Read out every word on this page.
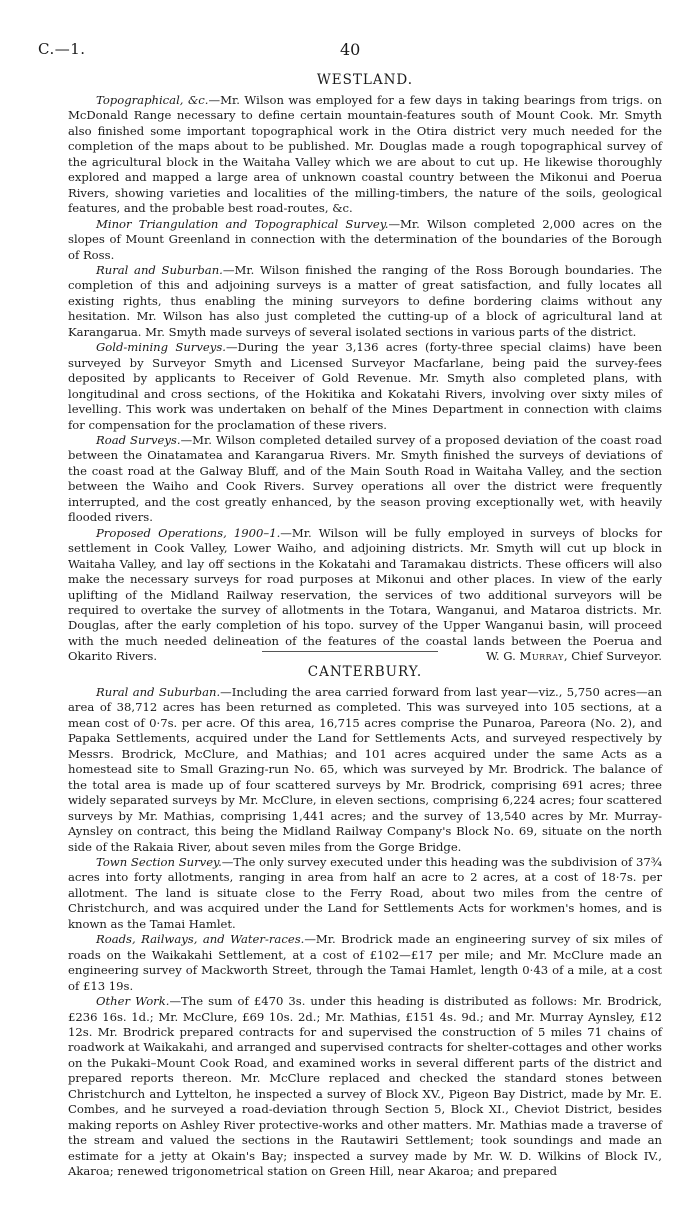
C.—1.	40
WESTLAND.

Topographical, &c.—Mr. Wilson was employed for a few days in taking bearings from trigs. on McDonald Range necessary to define certain mountain-features south of Mount Cook. Mr. Smyth also finished some important topographical work in the Otira district very much needed for the completion of the maps about to be published. Mr. Douglas made a rough topographical survey of the agricultural block in the Waitaha Valley which we are about to cut up. He likewise thoroughly explored and mapped a large area of unknown coastal country between the Mikonui and Poerua Rivers, showing varieties and localities of the milling-timbers, the nature of the soils, geological features, and the probable best road-routes, &c.

Minor Triangulation and Topographical Survey.—Mr. Wilson completed 2,000 acres on the slopes of Mount Greenland in connection with the determination of the boundaries of the Borough of Ross.

Rural and Suburban.—Mr. Wilson finished the ranging of the Ross Borough boundaries. The completion of this and adjoining surveys is a matter of great satisfaction, and fully locates all existing rights, thus enabling the mining surveyors to define bordering claims without any hesitation. Mr. Wilson has also just completed the cutting-up of a block of agricultural land at Karangarua. Mr. Smyth made surveys of several isolated sections in various parts of the district.

Gold-mining Surveys.—During the year 3,136 acres (forty-three special claims) have been surveyed by Surveyor Smyth and Licensed Surveyor Macfarlane, being paid the survey-fees deposited by applicants to Receiver of Gold Revenue. Mr. Smyth also completed plans, with longitudinal and cross sections, of the Hokitika and Kokatahi Rivers, involving over sixty miles of levelling. This work was undertaken on behalf of the Mines Department in connection with claims for compensation for the proclamation of these rivers.

Road Surveys.—Mr. Wilson completed detailed survey of a proposed deviation of the coast road between the Oinatamatea and Karangarua Rivers. Mr. Smyth finished the surveys of deviations of the coast road at the Galway Bluff, and of the Main South Road in Waitaha Valley, and the section between the Waiho and Cook Rivers. Survey operations all over the district were frequently interrupted, and the cost greatly enhanced, by the season proving exceptionally wet, with heavily flooded rivers.

Proposed Operations, 1900–1.—Mr. Wilson will be fully employed in surveys of blocks for settlement in Cook Valley, Lower Waiho, and adjoining districts. Mr. Smyth will cut up block in Waitaha Valley, and lay off sections in the Kokatahi and Taramakau districts. These officers will also make the necessary surveys for road purposes at Mikonui and other places. In view of the early uplifting of the Midland Railway reservation, the services of two additional surveyors will be required to overtake the survey of allotments in the Totara, Wanganui, and Mataroa districts. Mr. Douglas, after the early completion of his topo. survey of the Upper Wanganui basin, will proceed with the much needed delineation of the features of the coastal lands between the Poerua and Okarito Rivers.	W. G. Murray, Chief Surveyor.

CANTERBURY.

Rural and Suburban.—Including the area carried forward from last year—viz., 5,750 acres—an area of 38,712 acres has been returned as completed. This was surveyed into 105 sections, at a mean cost of 0·7s. per acre. Of this area, 16,715 acres comprise the Punaroa, Pareora (No. 2), and Papaka Settlements, acquired under the Land for Settlements Acts, and surveyed respectively by Messrs. Brodrick, McClure, and Mathias; and 101 acres acquired under the same Acts as a homestead site to Small Grazing-run No. 65, which was surveyed by Mr. Brodrick. The balance of the total area is made up of four scattered surveys by Mr. Brodrick, comprising 691 acres; three widely separated surveys by Mr. McClure, in eleven sections, comprising 6,224 acres; four scattered surveys by Mr. Mathias, comprising 1,441 acres; and the survey of 13,540 acres by Mr. Murray-Aynsley on contract, this being the Midland Railway Company's Block No. 69, situate on the north side of the Rakaia River, about seven miles from the Gorge Bridge.

Town Section Survey.—The only survey executed under this heading was the subdivision of 37¾ acres into forty allotments, ranging in area from half an acre to 2 acres, at a cost of 18·7s. per allotment. The land is situate close to the Ferry Road, about two miles from the centre of Christchurch, and was acquired under the Land for Settlements Acts for workmen's homes, and is known as the Tamai Hamlet.

Roads, Railways, and Water-races.—Mr. Brodrick made an engineering survey of six miles of roads on the Waikakahi Settlement, at a cost of £102—£17 per mile; and Mr. McClure made an engineering survey of Mackworth Street, through the Tamai Hamlet, length 0·43 of a mile, at a cost of £13 19s.

Other Work.—The sum of £470 3s. under this heading is distributed as follows: Mr. Brodrick, £236 16s. 1d.; Mr. McClure, £69 10s. 2d.; Mr. Mathias, £151 4s. 9d.; and Mr. Murray Aynsley, £12 12s. Mr. Brodrick prepared contracts for and supervised the construction of 5 miles 71 chains of roadwork at Waikakahi, and arranged and supervised contracts for shelter-cottages and other works on the Pukaki–Mount Cook Road, and examined works in several different parts of the district and prepared reports thereon. Mr. McClure replaced and checked the standard stones between Christchurch and Lyttelton, he inspected a survey of Block XV., Pigeon Bay District, made by Mr. E. Combes, and he surveyed a road-deviation through Section 5, Block XI., Cheviot District, besides making reports on Ashley River protective-works and other matters. Mr. Mathias made a traverse of the stream and valued the sections in the Rautawiri Settlement; took soundings and made an estimate for a jetty at Okain's Bay; inspected a survey made by Mr. W. D. Wilkins of Block IV., Akaroa; renewed trigonometrical station on Green Hill, near Akaroa; and prepared
